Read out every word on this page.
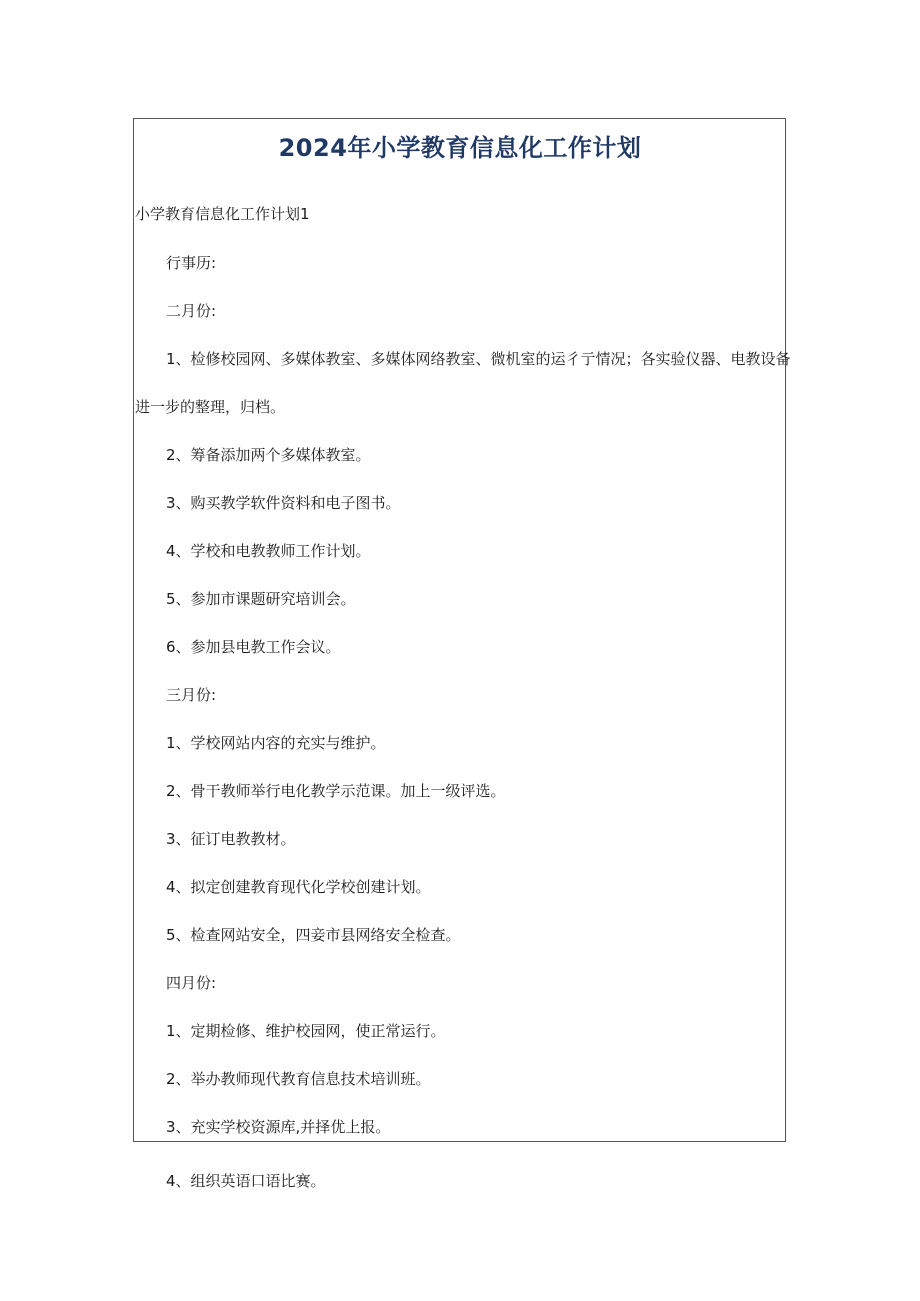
2024年小学教育信息化工作计划

小学教育信息化工作计划1

行事历:

二月份:

1、检修校园网、多媒体教室、多媒体网络教室、微机室的运彳亍情况；各实验仪器、电教设备

进一步的整理，归档。

2、筹备添加两个多媒体教室。

3、购买教学软件资料和电子图书。

4、学校和电教教师工作计划。

5、参加市课题研究培训会。

6、参加县电教工作会议。

三月份:

1、学校网站内容的充实与维护。

2、骨干教师举行电化教学示范课。加上一级评选。

3、征订电教教材。

4、拟定创建教育现代化学校创建计划。

5、检查网站安全，四妾市县网络安全检查。

四月份:

1、定期检修、维护校园网，使正常运行。

2、举办教师现代教育信息技术培训班。

3、充实学校资源库,并择优上报。

4、组织英语口语比赛。
